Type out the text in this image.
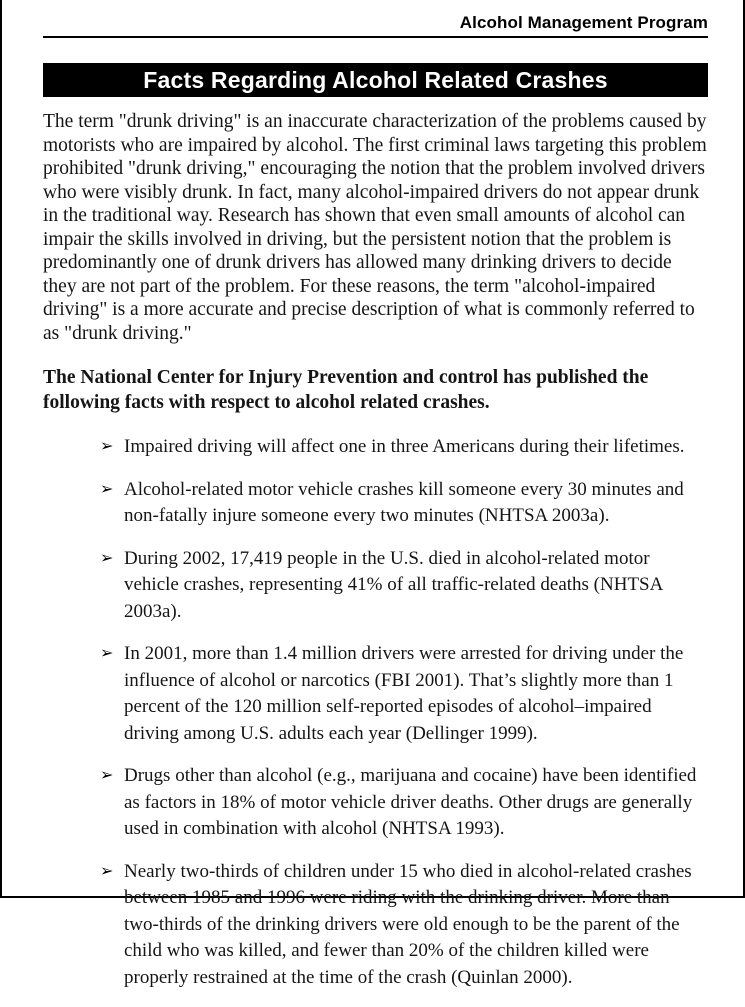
Alcohol Management Program
Facts Regarding Alcohol Related Crashes

The term "drunk driving" is an inaccurate characterization of the problems caused by motorists who are impaired by alcohol. The first criminal laws targeting this problem prohibited "drunk driving," encouraging the notion that the problem involved drivers who were visibly drunk. In fact, many alcohol-impaired drivers do not appear drunk in the traditional way. Research has shown that even small amounts of alcohol can impair the skills involved in driving, but the persistent notion that the problem is predominantly one of drunk drivers has allowed many drinking drivers to decide they are not part of the problem. For these reasons, the term "alcohol-impaired driving" is a more accurate and precise description of what is commonly referred to as "drunk driving."

The National Center for Injury Prevention and control has published the following facts with respect to alcohol related crashes.

➢ Impaired driving will affect one in three Americans during their lifetimes.
➢ Alcohol-related motor vehicle crashes kill someone every 30 minutes and non-fatally injure someone every two minutes (NHTSA 2003a).
➢ During 2002, 17,419 people in the U.S. died in alcohol-related motor vehicle crashes, representing 41% of all traffic-related deaths (NHTSA 2003a).
➢ In 2001, more than 1.4 million drivers were arrested for driving under the influence of alcohol or narcotics (FBI 2001). That’s slightly more than 1 percent of the 120 million self-reported episodes of alcohol–impaired driving among U.S. adults each year (Dellinger 1999).
➢ Drugs other than alcohol (e.g., marijuana and cocaine) have been identified as factors in 18% of motor vehicle driver deaths. Other drugs are generally used in combination with alcohol (NHTSA 1993).
➢ Nearly two-thirds of children under 15 who died in alcohol-related crashes between 1985 and 1996 were riding with the drinking driver. More than two-thirds of the drinking drivers were old enough to be the parent of the child who was killed, and fewer than 20% of the children killed were properly restrained at the time of the crash (Quinlan 2000).
